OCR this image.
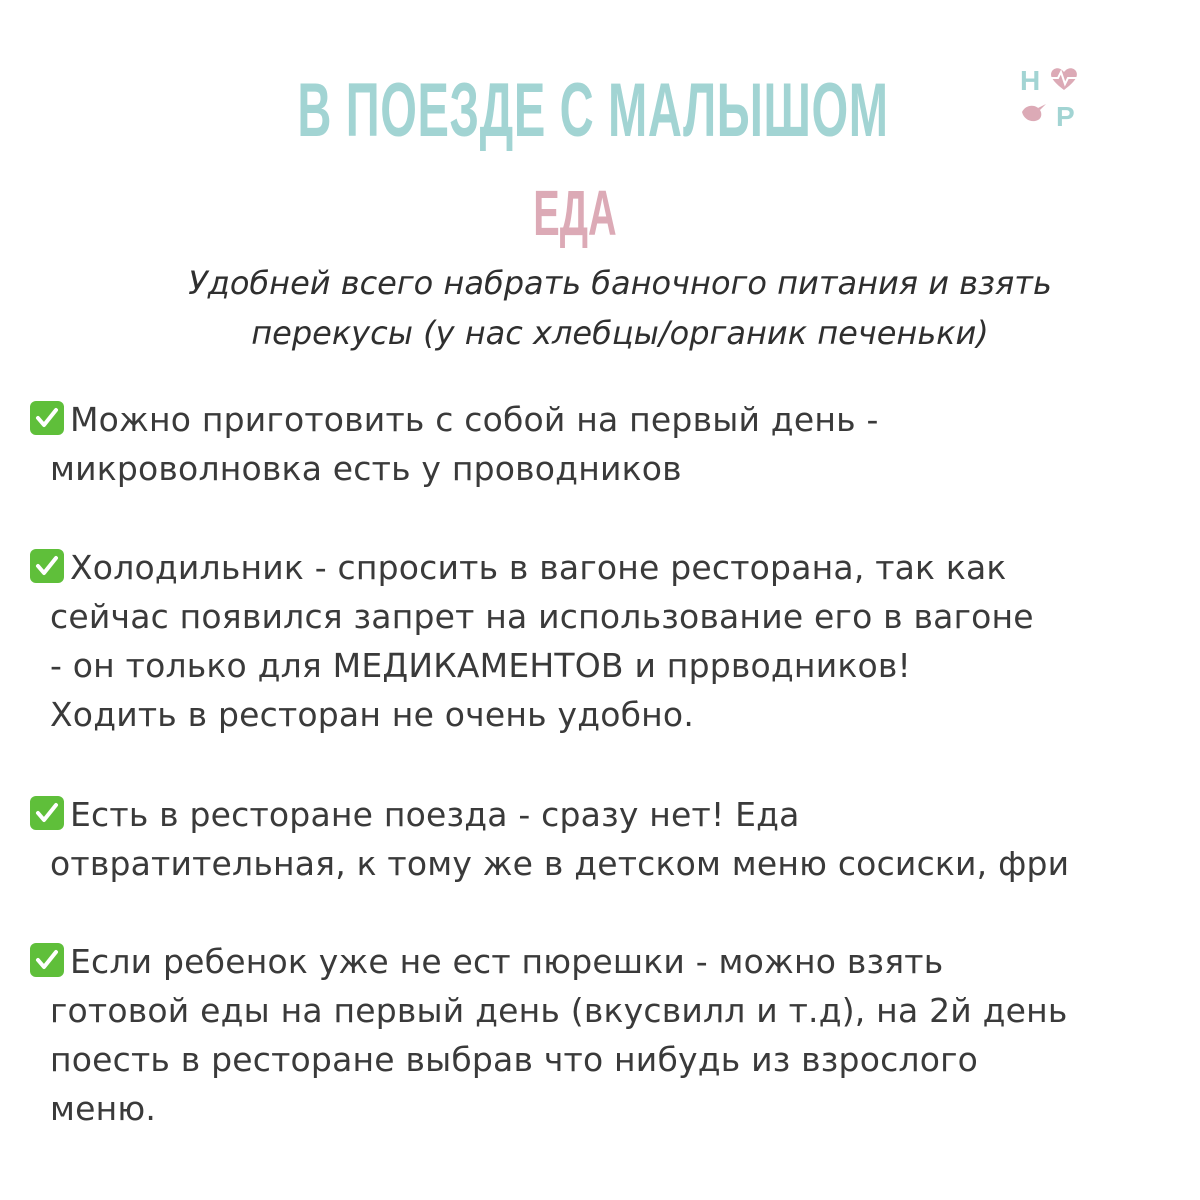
В ПОЕЗДЕ С МАЛЫШОМ
ЕДА
H
P
Удобней всего набрать баночного питания и взять
перекусы (у нас хлебцы/органик печеньки)
Можно приготовить с собой на первый день -
микроволновка есть у проводников
Холодильник - спросить в вагоне ресторана, так как
сейчас появился запрет на использование его в вагоне
- он только для МЕДИКАМЕНТОВ и прpводников!
Ходить в ресторан не очень удобно.
Есть в ресторане поезда - сразу нет! Еда
отвратительная, к тому же в детском меню сосиски, фри
Если ребенок уже не ест пюрешки - можно взять
готовой еды на первый день (вкусвилл и т.д), на 2й день
поесть в ресторане выбрав что нибудь из взрослого
меню.
